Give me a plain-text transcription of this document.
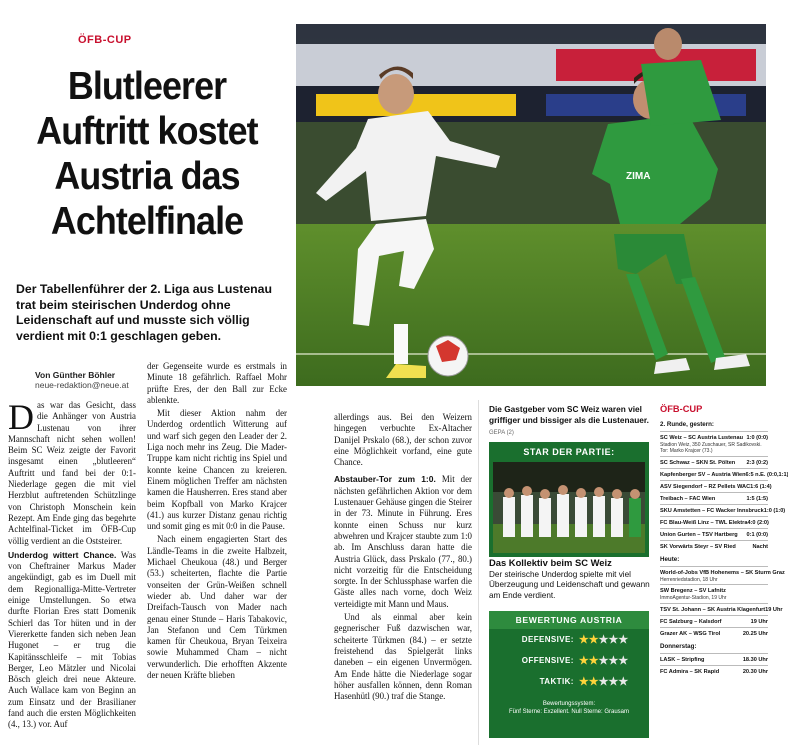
ÖFB-CUP
Blutleerer
Auftritt kostet
Austria das
Achtelfinale
Der Tabellenführer der 2. Liga aus Lustenau trat beim steirischen Underdog ohne Leidenschaft auf und musste sich völlig verdient mit 0:1 geschlagen geben.
Von Günther Böhler
neue-redaktion@neue.at

Das war das Gesicht, dass die Anhänger von Austria Lustenau von ihrer Mannschaft nicht sehen wollen! Beim SC Weiz zeigte der Favorit insgesamt einen „blutleeren“ Auftritt und fand bei der 0:1-Niederlage gegen die mit viel Herzblut auftretenden Schützlinge von Christoph Monschein kein Rezept. Am Ende ging das begehrte Achtelfinal-Ticket im ÖFB-Cup völlig verdient an die Oststeirer.

Underdog wittert Chance. Was von Cheftrainer Markus Mader angekündigt, gab es im Duell mit dem Regionalliga-Mitte-Vertreter einige Umstellungen. So etwa durfte Florian Eres statt Domenik Schierl das Tor hüten und in der Viererkette fanden sich neben Jean Hugonet – er trug die Kapitänsschleife – mit Tobias Berger, Leo Mätzler und Nicolai Bösch gleich drei neue Akteure. Auch Wallace kam von Beginn an zum Einsatz und der Brasilianer fand auch die ersten Möglichkeiten (4., 13.) vor. Auf

der Gegenseite wurde es erstmals in Minute 18 gefährlich. Raffael Mohr prüfte Eres, der den Ball zur Ecke ablenkte.

Mit dieser Aktion nahm der Underdog ordentlich Witterung auf und warf sich gegen den Leader der 2. Liga noch mehr ins Zeug. Die Mader-Truppe kam nicht richtig ins Spiel und konnte keine Chancen zu kreieren. Einem möglichen Treffer am nächsten kamen die Hausherren. Eres stand aber beim Kopfball von Marko Krajcer (41.) aus kurzer Distanz genau richtig und somit ging es mit 0:0 in die Pause.

Nach einem engagierten Start des Ländle-Teams in die zweite Halbzeit, Michael Cheukoua (48.) und Berger (53.) scheiterten, flachte die Partie vonseiten der Grün-Weißen schnell wieder ab. Und daher war der Dreifach-Tausch von Mader nach genau einer Stunde – Haris Tabakovic, Jan Stefanon und Cem Türkmen kamen für Cheukoua, Bryan Teixeira sowie Muhammed Cham – nicht verwunderlich. Die erhofften Akzente der neuen Kräfte blieben

allerdings aus. Bei den Weizern hingegen verbuchte Ex-Altacher Danijel Prskalo (68.), der schon zuvor eine Möglichkeit vorfand, eine gute Chance.

Abstauber-Tor zum 1:0. Mit der nächsten gefährlichen Aktion vor dem Lustenauer Gehäuse gingen die Steirer in der 73. Minute in Führung. Eres konnte einen Schuss nur kurz abwehren und Krajcer staubte zum 1:0 ab. Im Anschluss daran hatte die Austria Glück, dass Prskalo (77., 80.) nicht vorzeitig für die Entscheidung sorgte. In der Schlussphase warfen die Gäste alles nach vorne, doch Weiz verteidigte mit Mann und Maus.

Und als einmal aber kein gegnerischer Fuß dazwischen war, scheiterte Türkmen (84.) – er setzte freistehend das Spielgerät links daneben – ein eigenen Unvermögen. Am Ende hätte die Niederlage sogar höher ausfallen können, denn Roman Hasenhütl (90.) traf die Stange.

ZIMA
Die Gastgeber vom SC Weiz waren viel griffiger und bissiger als die Lustenauer. GEPA (2)
STAR DER PARTIE:
Das Kollektiv beim SC Weiz
Der steirische Underdog spielte mit viel Überzeugung und Leidenschaft und gewann am Ende verdient.
BEWERTUNG AUSTRIA
DEFENSIVE: ★ ★ ★ ★ ★
OFFENSIVE: ★ ★ ★ ★ ★
TAKTIK: ★ ★ ★ ★ ★
Bewertungssystem:
Fünf Sterne: Exzellent. Null Sterne: Grausam
ÖFB-CUP
2. Runde, gestern:
SC Weiz – SC Austria Lustenau 1:0 (0:0)
Stadion Weiz, 350 Zuschauer, SR Sadikovski. Tor: Marko Krajcer (73.)
SC Schwaz – SKN St. Pölten 2:3 (0:2)
Kapfenberger SV – Austria Wien 6:5 n.E. (0:0,1:1)
ASV Siegendorf – RZ Pellets WAC 1:6 (1:4)
Treibach – FAC Wien	1:5 (1:5)
SKU Amstetten – FC Wacker Innsbruck 1:0 (1:0)
FC Blau-Weiß Linz – TWL Elektra 4:0 (2:0)
Union Gurten – TSV Hartberg 0:1 (0:0)
SK Vorwärts Steyr – SV Ried	Nacht
Heute:
World-of-Jobs VfB Hohenems – SK Sturm Graz
Herrenriedstadion, 18 Uhr
SW Bregenz – SV Lafnitz
ImmoAgentur-Stadion, 19 Uhr
TSV St. Johann – SK Austria Klagenfurt 19 Uhr
FC Salzburg – Kalsdorf	19 Uhr
Grazer AK – WSG Tirol	20.25 Uhr
Donnerstag:
LASK – Stripfing	18.30 Uhr
FC Admira – SK Rapid	20.30 Uhr
